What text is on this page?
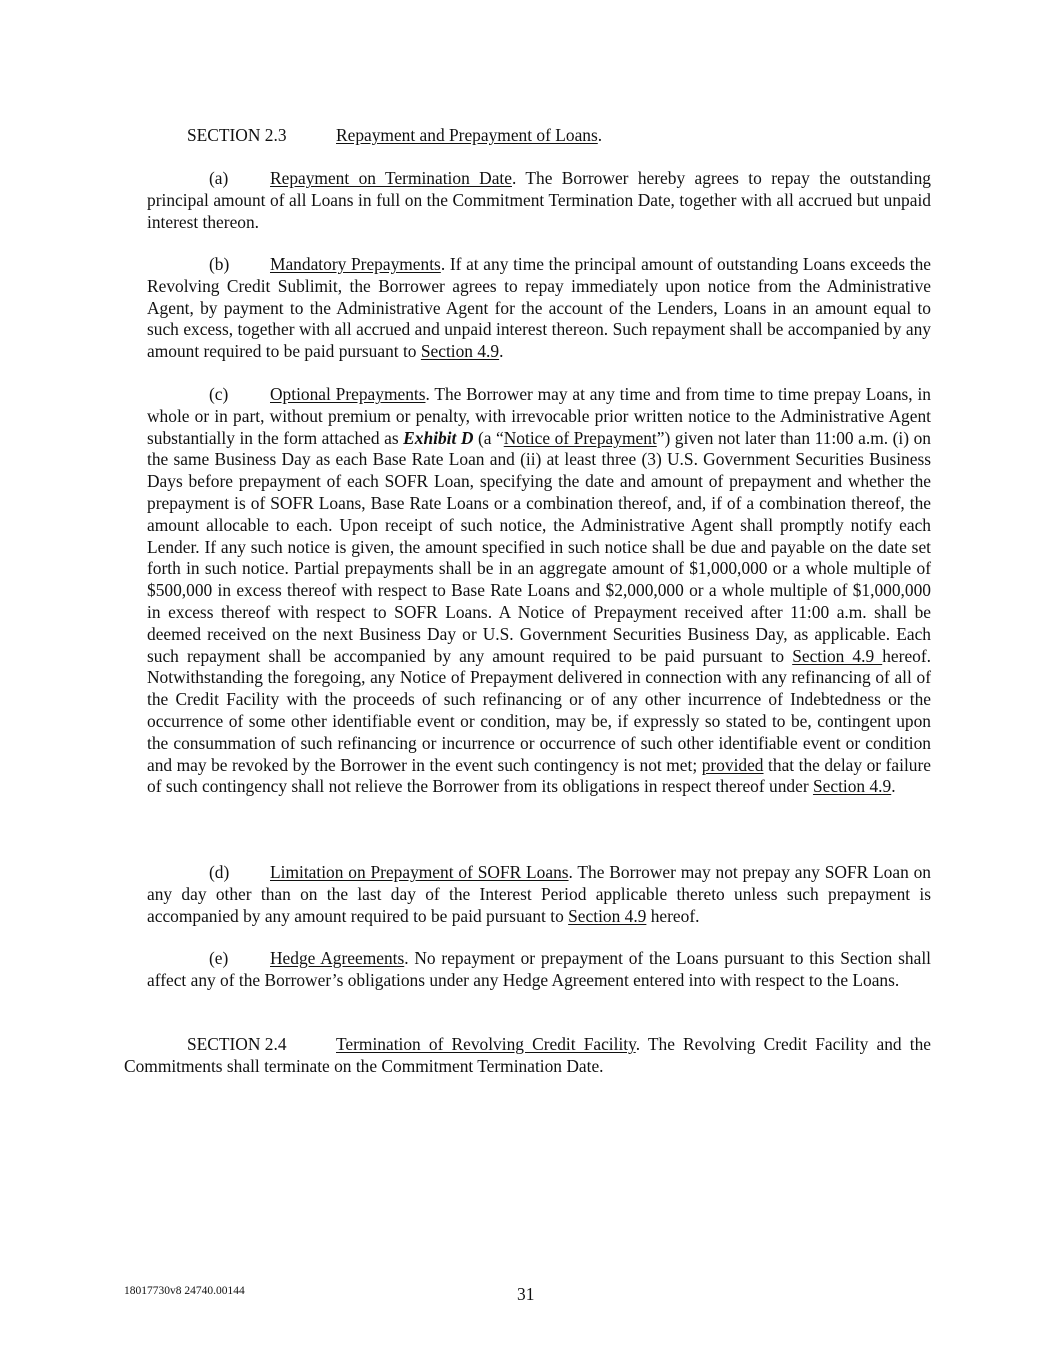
SECTION 2.3	Repayment and Prepayment of Loans.
(a) Repayment on Termination Date. The Borrower hereby agrees to repay the outstanding principal amount of all Loans in full on the Commitment Termination Date, together with all accrued but unpaid interest thereon.
(b) Mandatory Prepayments. If at any time the principal amount of outstanding Loans exceeds the Revolving Credit Sublimit, the Borrower agrees to repay immediately upon notice from the Administrative Agent, by payment to the Administrative Agent for the account of the Lenders, Loans in an amount equal to such excess, together with all accrued and unpaid interest thereon. Such repayment shall be accompanied by any amount required to be paid pursuant to Section 4.9.
(c) Optional Prepayments. The Borrower may at any time and from time to time prepay Loans, in whole or in part, without premium or penalty, with irrevocable prior written notice to the Administrative Agent substantially in the form attached as Exhibit D (a “Notice of Prepayment”) given not later than 11:00 a.m. (i) on the same Business Day as each Base Rate Loan and (ii) at least three (3) U.S. Government Securities Business Days before prepayment of each SOFR Loan, specifying the date and amount of prepayment and whether the prepayment is of SOFR Loans, Base Rate Loans or a combination thereof, and, if of a combination thereof, the amount allocable to each. Upon receipt of such notice, the Administrative Agent shall promptly notify each Lender. If any such notice is given, the amount specified in such notice shall be due and payable on the date set forth in such notice. Partial prepayments shall be in an aggregate amount of $1,000,000 or a whole multiple of $500,000 in excess thereof with respect to Base Rate Loans and $2,000,000 or a whole multiple of $1,000,000 in excess thereof with respect to SOFR Loans. A Notice of Prepayment received after 11:00 a.m. shall be deemed received on the next Business Day or U.S. Government Securities Business Day, as applicable. Each such repayment shall be accompanied by any amount required to be paid pursuant to Section 4.9 hereof. Notwithstanding the foregoing, any Notice of Prepayment delivered in connection with any refinancing of all of the Credit Facility with the proceeds of such refinancing or of any other incurrence of Indebtedness or the occurrence of some other identifiable event or condition, may be, if expressly so stated to be, contingent upon the consummation of such refinancing or incurrence or occurrence of such other identifiable event or condition and may be revoked by the Borrower in the event such contingency is not met; provided that the delay or failure of such contingency shall not relieve the Borrower from its obligations in respect thereof under Section 4.9.
(d) Limitation on Prepayment of SOFR Loans. The Borrower may not prepay any SOFR Loan on any day other than on the last day of the Interest Period applicable thereto unless such prepayment is accompanied by any amount required to be paid pursuant to Section 4.9 hereof.
(e) Hedge Agreements. No repayment or prepayment of the Loans pursuant to this Section shall affect any of the Borrower’s obligations under any Hedge Agreement entered into with respect to the Loans.
SECTION 2.4	Termination of Revolving Credit Facility. The Revolving Credit Facility and the Commitments shall terminate on the Commitment Termination Date.
18017730v8 24740.00144	31
